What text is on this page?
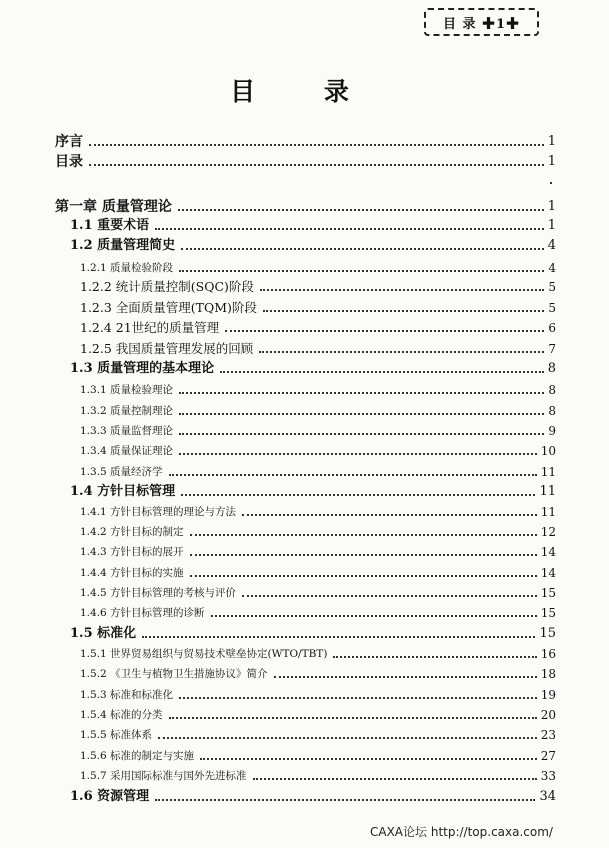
目 录 ✚1✚
目 录
序言	1
目录	1
第一章 质量管理论	1
1.1 重要术语	1
1.2 质量管理简史	4
1.2.1 质量检验阶段	4
1.2.2 统计质量控制(SQC)阶段	5
1.2.3 全面质量管理(TQM)阶段	5
1.2.4 21世纪的质量管理	6
1.2.5 我国质量管理发展的回顾	7
1.3 质量管理的基本理论	8
1.3.1 质量检验理论	8
1.3.2 质量控制理论	8
1.3.3 质量监督理论	9
1.3.4 质量保证理论	10
1.3.5 质量经济学	11
1.4 方针目标管理	11
1.4.1 方针目标管理的理论与方法	11
1.4.2 方针目标的制定	12
1.4.3 方针目标的展开	14
1.4.4 方针目标的实施	14
1.4.5 方针目标管理的考核与评价	15
1.4.6 方针目标管理的诊断	15
1.5 标准化	15
1.5.1 世界贸易组织与贸易技术壁垒协定(WTO/TBT)	16
1.5.2 《卫生与植物卫生措施协议》简介	18
1.5.3 标准和标准化	19
1.5.4 标准的分类	20
1.5.5 标准体系	23
1.5.6 标准的制定与实施	27
1.5.7 采用国际标准与国外先进标准	33
1.6 资源管理	34
CAXA论坛 http://top.caxa.com/
